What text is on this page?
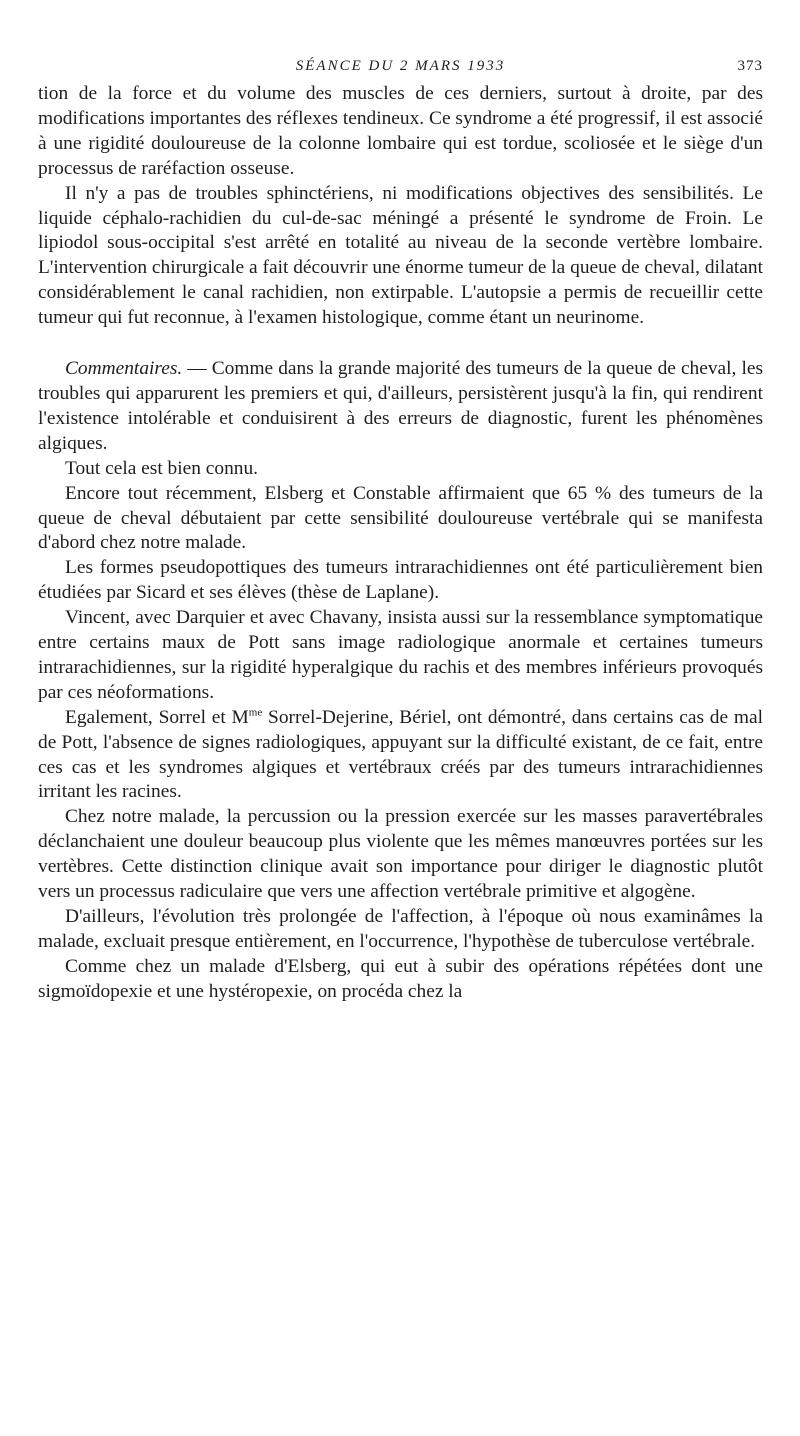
SÉANCE DU 2 MARS 1933	373

tion de la force et du volume des muscles de ces derniers, surtout à droite, par des modifications importantes des réflexes tendineux. Ce syndrome a été progressif, il est associé à une rigidité douloureuse de la colonne lombaire qui est tordue, scoliosée et le siège d'un processus de raréfaction osseuse.

Il n'y a pas de troubles sphinctériens, ni modifications objectives des sensibilités. Le liquide céphalo-rachidien du cul-de-sac méningé a présenté le syndrome de Froin. Le lipiodol sous-occipital s'est arrêté en totalité au niveau de la seconde vertèbre lombaire. L'intervention chirurgicale a fait découvrir une énorme tumeur de la queue de cheval, dilatant considérablement le canal rachidien, non extirpable. L'autopsie a permis de recueillir cette tumeur qui fut reconnue, à l'examen histologique, comme étant un neurinome.

Commentaires. — Comme dans la grande majorité des tumeurs de la queue de cheval, les troubles qui apparurent les premiers et qui, d'ailleurs, persistèrent jusqu'à la fin, qui rendirent l'existence intolérable et conduisirent à des erreurs de diagnostic, furent les phénomènes algiques.

Tout cela est bien connu.

Encore tout récemment, Elsberg et Constable affirmaient que 65 % des tumeurs de la queue de cheval débutaient par cette sensibilité douloureuse vertébrale qui se manifesta d'abord chez notre malade.

Les formes pseudopottiques des tumeurs intrarachidiennes ont été particulièrement bien étudiées par Sicard et ses élèves (thèse de Laplane).

Vincent, avec Darquier et avec Chavany, insista aussi sur la ressemblance symptomatique entre certains maux de Pott sans image radiologique anormale et certaines tumeurs intrarachidiennes, sur la rigidité hyperalgique du rachis et des membres inférieurs provoqués par ces néoformations.

Egalement, Sorrel et $M^{me}$ Sorrel-Dejerine, Bériel, ont démontré, dans certains cas de mal de Pott, l'absence de signes radiologiques, appuyant sur la difficulté existant, de ce fait, entre ces cas et les syndromes algiques et vertébraux créés par des tumeurs intrarachidiennes irritant les racines.

Chez notre malade, la percussion ou la pression exercée sur les masses paravertébrales déclanchaient une douleur beaucoup plus violente que les mêmes manœuvres portées sur les vertèbres. Cette distinction clinique avait son importance pour diriger le diagnostic plutôt vers un processus radiculaire que vers une affection vertébrale primitive et algogène.

D'ailleurs, l'évolution très prolongée de l'affection, à l'époque où nous examinâmes la malade, excluait presque entièrement, en l'occurrence, l'hypothèse de tuberculose vertébrale.

Comme chez un malade d'Elsberg, qui eut à subir des opérations répétées dont une sigmoïdopexie et une hystéropexie, on procéda chez la
